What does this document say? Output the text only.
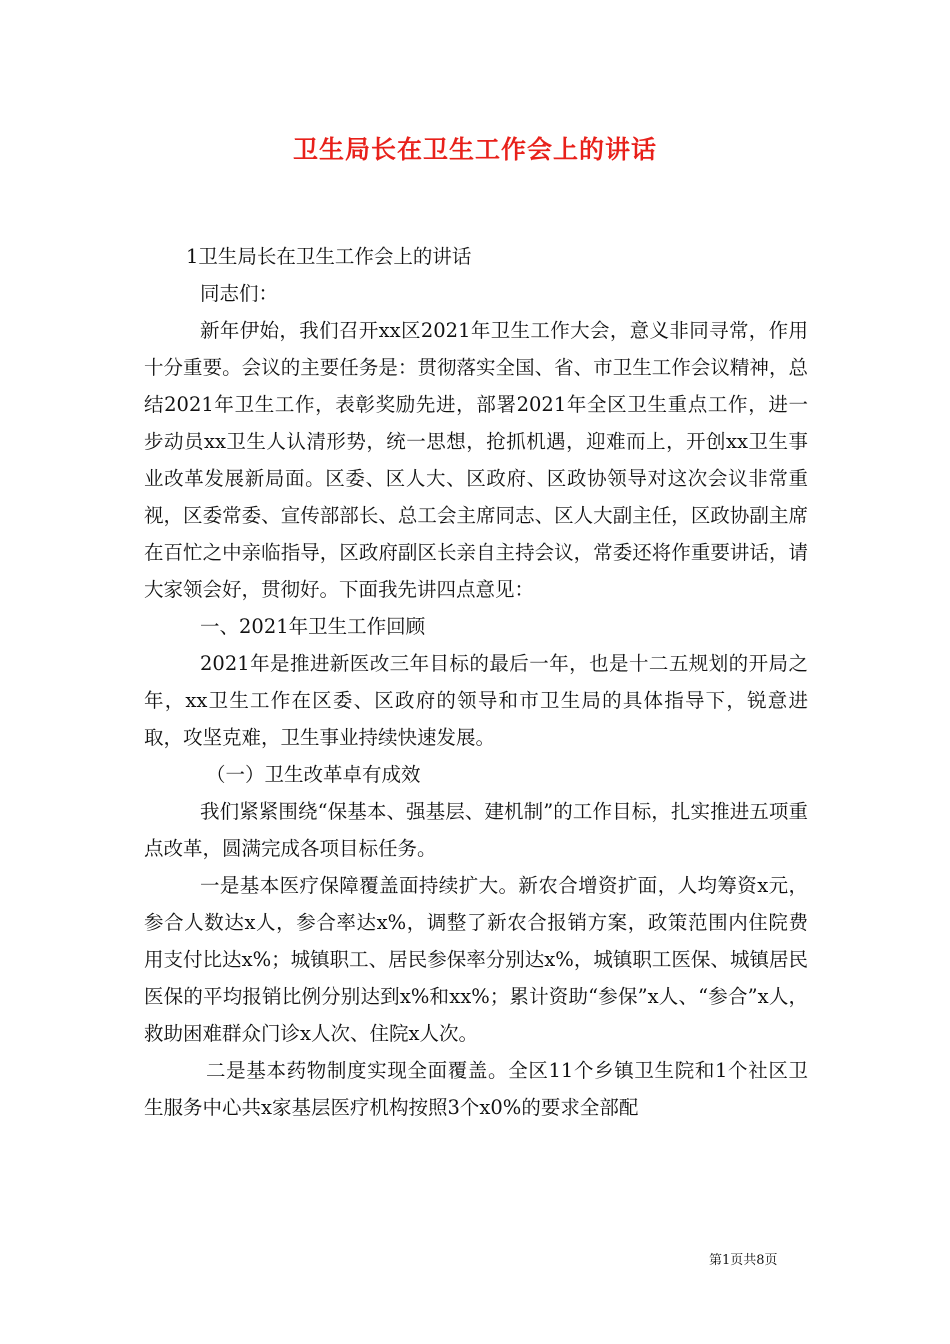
卫生局长在卫生工作会上的讲话

1卫生局长在卫生工作会上的讲话

同志们：

新年伊始，我们召开xx区2021年卫生工作大会，意义非同寻常，作用十分重要。会议的主要任务是：贯彻落实全国、省、市卫生工作会议精神，总结2021年卫生工作，表彰奖励先进，部署2021年全区卫生重点工作，进一步动员xx卫生人认清形势，统一思想，抢抓机遇，迎难而上，开创xx卫生事业改革发展新局面。区委、区人大、区政府、区政协领导对这次会议非常重视，区委常委、宣传部部长、总工会主席同志、区人大副主任，区政协副主席在百忙之中亲临指导，区政府副区长亲自主持会议，常委还将作重要讲话，请大家领会好，贯彻好。下面我先讲四点意见：

一、2021年卫生工作回顾

2021年是推进新医改三年目标的最后一年，也是十二五规划的开局之年，xx卫生工作在区委、区政府的领导和市卫生局的具体指导下，锐意进取，攻坚克难，卫生事业持续快速发展。

（一）卫生改革卓有成效

我们紧紧围绕“保基本、强基层、建机制”的工作目标，扎实推进五项重点改革，圆满完成各项目标任务。

一是基本医疗保障覆盖面持续扩大。新农合增资扩面，人均筹资x元，参合人数达x人，参合率达x%，调整了新农合报销方案，政策范围内住院费用支付比达x%；城镇职工、居民参保率分别达x%，城镇职工医保、城镇居民医保的平均报销比例分别达到x%和xx%；累计资助“参保”x人、“参合”x人，救助困难群众门诊x人次、住院x人次。

二是基本药物制度实现全面覆盖。全区11个乡镇卫生院和1个社区卫生服务中心共x家基层医疗机构按照3个x0%的要求全部配

第1页共8页
